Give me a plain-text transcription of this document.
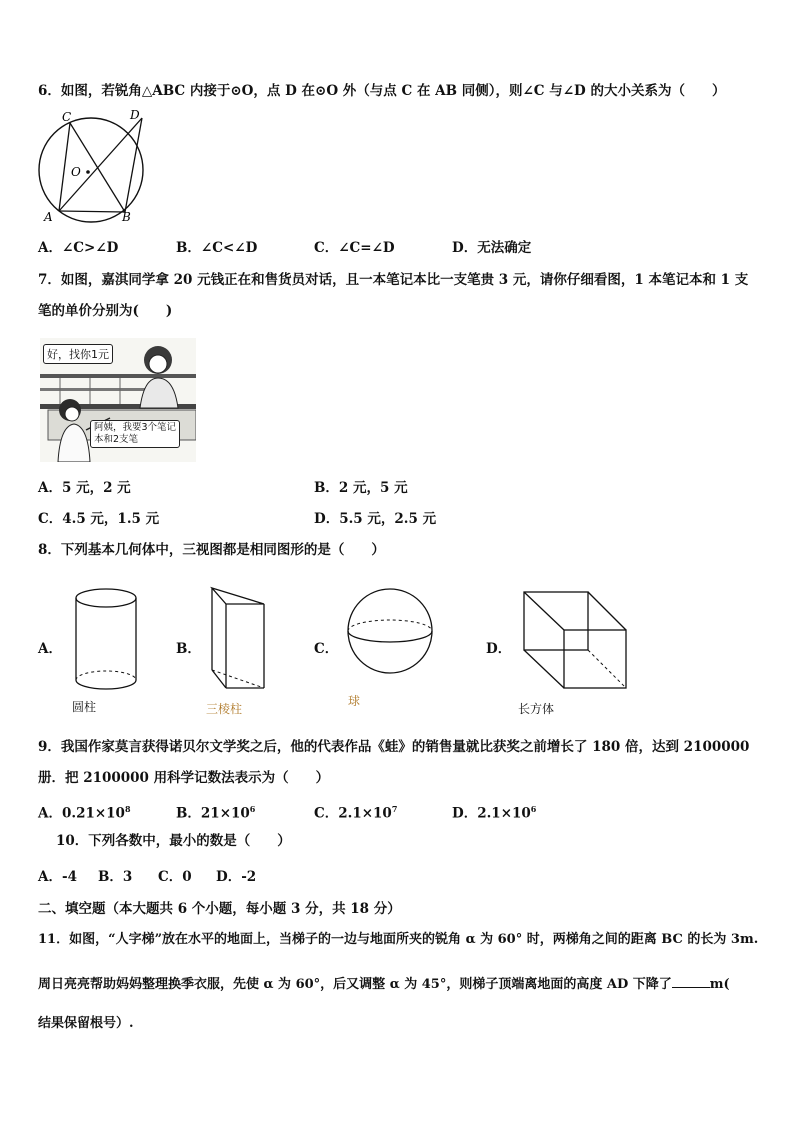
6．如图，若锐角△ABC 内接于⊙O，点 D 在⊙O 外（与点 C 在 AB 同侧），则∠C 与∠D 的大小关系为（　　）
C	D
O
A	B
A．∠C>∠D	B．∠C<∠D	C．∠C=∠D	D．无法确定
7．如图，嘉淇同学拿 20 元钱正在和售货员对话，且一本笔记本比一支笔贵 3 元，请你仔细看图，1 本笔记本和 1 支
笔的单价分别为(　　)
好，找你1元
阿姨，我要3个笔记
本和2支笔
A．5 元，2 元	B．2 元，5 元
C．4.5 元，1.5 元	D．5.5 元，2.5 元
8．下列基本几何体中，三视图都是相同图形的是（　　）
A．	B．	C．	D．
圆柱	三棱柱
球
长方体
9．我国作家莫言获得诺贝尔文学奖之后，他的代表作品《蛙》的销售量就比获奖之前增长了 180 倍，达到 2100000
册．把 2100000 用科学记数法表示为（　　）
A．$0.21\times 10^8$	B．$21\times 10^6$	C．$2.1\times 10^7$	D．$2.1\times 10^6$
10．下列各数中，最小的数是（　　）
A．-4 B．3 C．0 D．-2
二、填空题（本大题共 6 个小题，每小题 3 分，共 18 分）
11．如图，“人字梯”放在水平的地面上，当梯子的一边与地面所夹的锐角 α 为 60° 时，两梯角之间的距离 BC 的长为 3m.
周日亮亮帮助妈妈整理换季衣服，先使 α 为 60°，后又调整 α 为 45°，则梯子顶端离地面的高度 AD 下降了	m(
结果保留根号）.
